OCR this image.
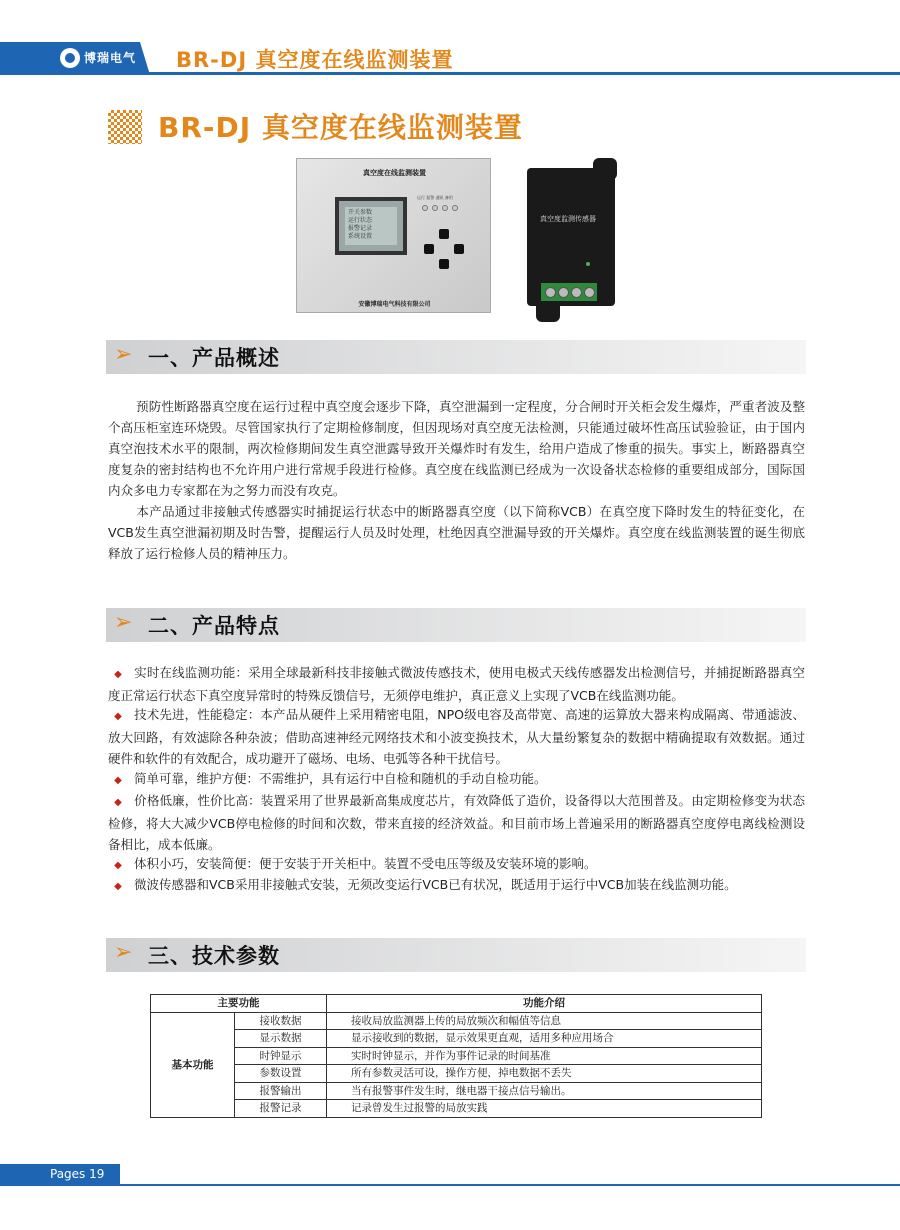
博瑞电气 BR-DJ 真空度在线监测装置
BR-DJ 真空度在线监测装置
真空度在线监测装置
开关参数
运行状态
报警记录
系统设置
运行 报警 通讯 备用
安徽博瑞电气科技有限公司
真空度监测传感器
➢ 一、产品概述

预防性断路器真空度在运行过程中真空度会逐步下降，真空泄漏到一定程度，分合闸时开关柜会发生爆炸，严重者波及整个高压柜室连环烧毁。尽管国家执行了定期检修制度，但因现场对真空度无法检测，只能通过破坏性高压试验验证，由于国内真空泡技术水平的限制，两次检修期间发生真空泄露导致开关爆炸时有发生，给用户造成了惨重的损失。事实上，断路器真空度复杂的密封结构也不允许用户进行常规手段进行检修。真空度在线监测已经成为一次设备状态检修的重要组成部分，国际国内众多电力专家都在为之努力而没有攻克。

本产品通过非接触式传感器实时捕捉运行状态中的断路器真空度（以下简称VCB）在真空度下降时发生的特征变化，在VCB发生真空泄漏初期及时告警，提醒运行人员及时处理，杜绝因真空泄漏导致的开关爆炸。真空度在线监测装置的诞生彻底释放了运行检修人员的精神压力。

➢ 二、产品特点

◆ 实时在线监测功能：采用全球最新科技非接触式微波传感技术，使用电极式天线传感器发出检测信号，并捕捉断路器真空度正常运行状态下真空度异常时的特殊反馈信号，无须停电维护，真正意义上实现了VCB在线监测功能。

◆ 技术先进，性能稳定：本产品从硬件上采用精密电阻，NPO级电容及高带宽、高速的运算放大器来构成隔离、带通滤波、放大回路，有效滤除各种杂波；借助高速神经元网络技术和小波变换技术，从大量纷繁复杂的数据中精确提取有效数据。通过硬件和软件的有效配合，成功避开了磁场、电场、电弧等各种干扰信号。

◆ 简单可靠，维护方便：不需维护，具有运行中自检和随机的手动自检功能。

◆ 价格低廉，性价比高：装置采用了世界最新高集成度芯片，有效降低了造价，设备得以大范围普及。由定期检修变为状态检修，将大大减少VCB停电检修的时间和次数，带来直接的经济效益。和目前市场上普遍采用的断路器真空度停电离线检测设备相比，成本低廉。

◆ 体积小巧，安装简便：便于安装于开关柜中。装置不受电压等级及安装环境的影响。

◆ 微波传感器和VCB采用非接触式安装，无须改变运行VCB已有状况，既适用于运行中VCB加装在线监测功能。

➢ 三、技术参数
主要功能		功能介绍
基本功能	接收数据	接收局放监测器上传的局放频次和幅值等信息
	显示数据	显示接收到的数据，显示效果更直观，适用多种应用场合
	时钟显示	实时时钟显示，并作为事件记录的时间基准
	参数设置	所有参数灵活可设，操作方便，掉电数据不丢失
	报警输出	当有报警事件发生时，继电器干接点信号输出。
	报警记录	记录曾发生过报警的局放实践
Pages 19
